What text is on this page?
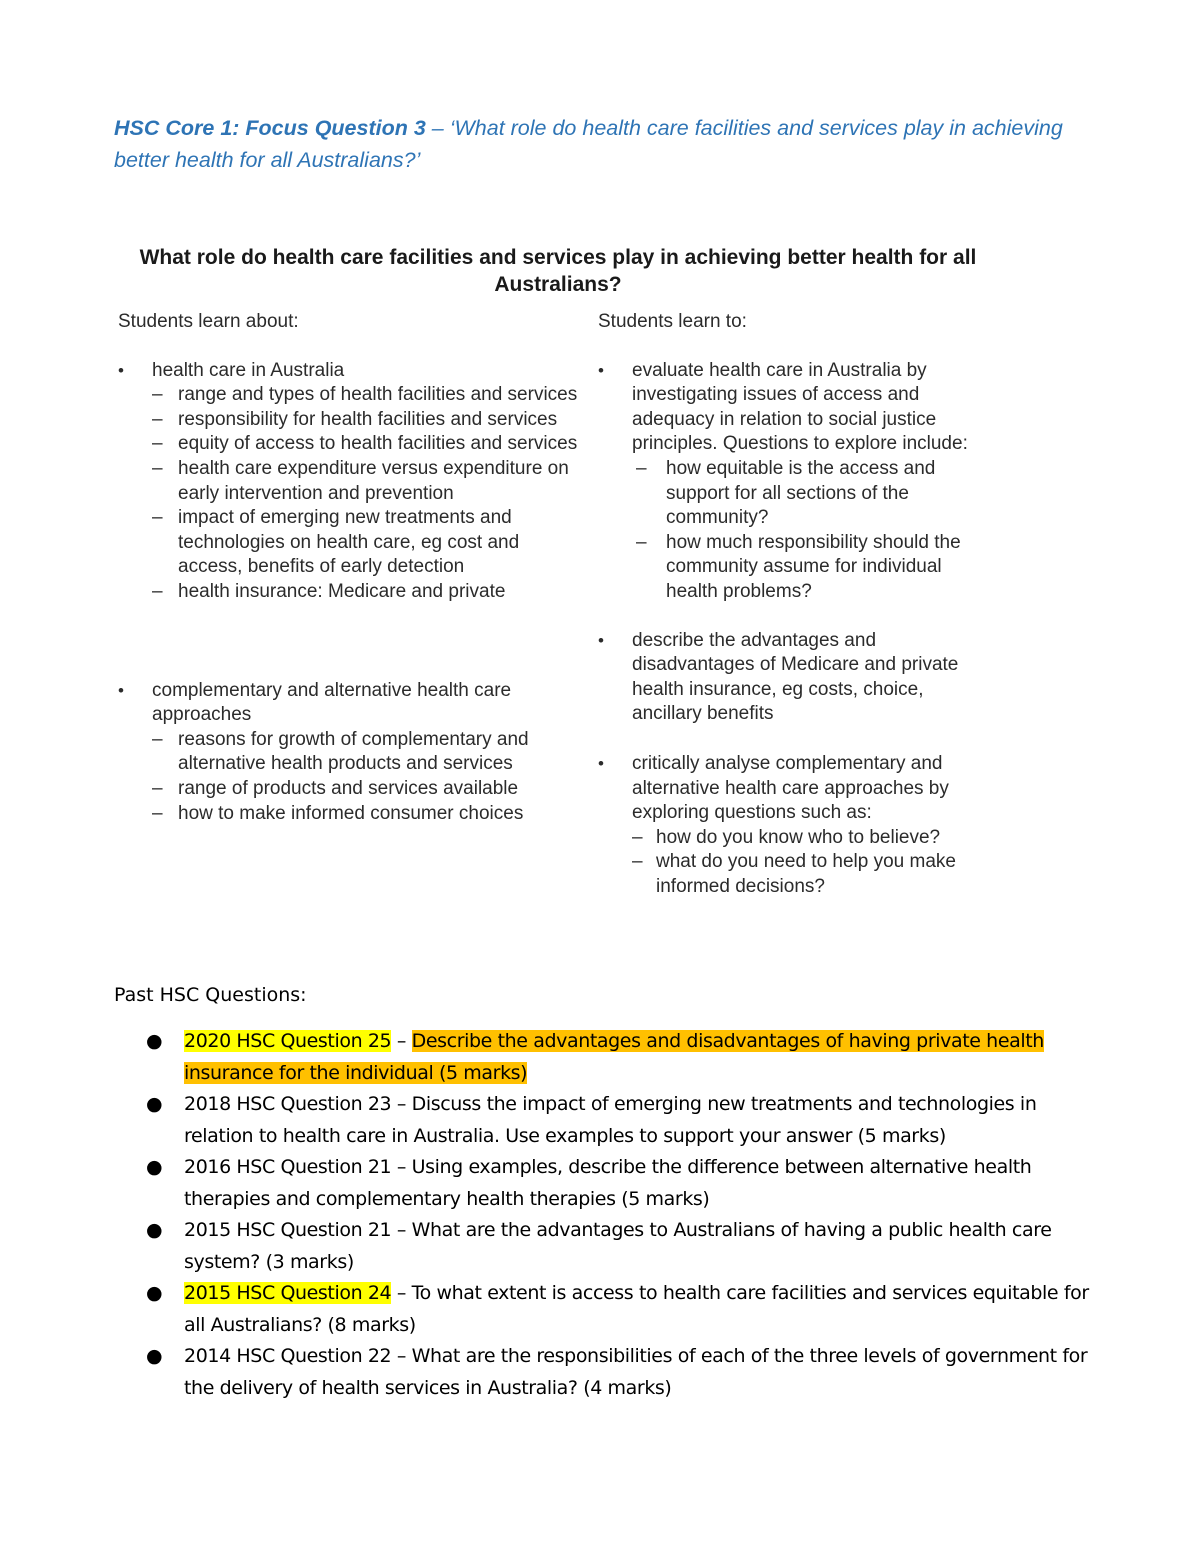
HSC Core 1: Focus Question 3 – ‘What role do health care facilities and services play in achieving better health for all Australians?’
What role do health care facilities and services play in achieving better health for all Australians?
Students learn about:
• health care in Australia
– range and types of health facilities and services
– responsibility for health facilities and services
– equity of access to health facilities and services
– health care expenditure versus expenditure on early intervention and prevention
– impact of emerging new treatments and technologies on health care, eg cost and access, benefits of early detection
– health insurance: Medicare and private
• complementary and alternative health care approaches
– reasons for growth of complementary and alternative health products and services
– range of products and services available
– how to make informed consumer choices
Students learn to:
• evaluate health care in Australia by investigating issues of access and adequacy in relation to social justice principles. Questions to explore include:
– how equitable is the access and support for all sections of the community?
– how much responsibility should the community assume for individual health problems?
• describe the advantages and disadvantages of Medicare and private health insurance, eg costs, choice, ancillary benefits
• critically analyse complementary and alternative health care approaches by exploring questions such as:
– how do you know who to believe?
– what do you need to help you make informed decisions?
Past HSC Questions:
● 2020 HSC Question 25 – Describe the advantages and disadvantages of having private health insurance for the individual (5 marks)
● 2018 HSC Question 23 – Discuss the impact of emerging new treatments and technologies in relation to health care in Australia. Use examples to support your answer (5 marks)
● 2016 HSC Question 21 – Using examples, describe the difference between alternative health therapies and complementary health therapies (5 marks)
● 2015 HSC Question 21 – What are the advantages to Australians of having a public health care system? (3 marks)
● 2015 HSC Question 24 – To what extent is access to health care facilities and services equitable for all Australians? (8 marks)
● 2014 HSC Question 22 – What are the responsibilities of each of the three levels of government for the delivery of health services in Australia? (4 marks)
